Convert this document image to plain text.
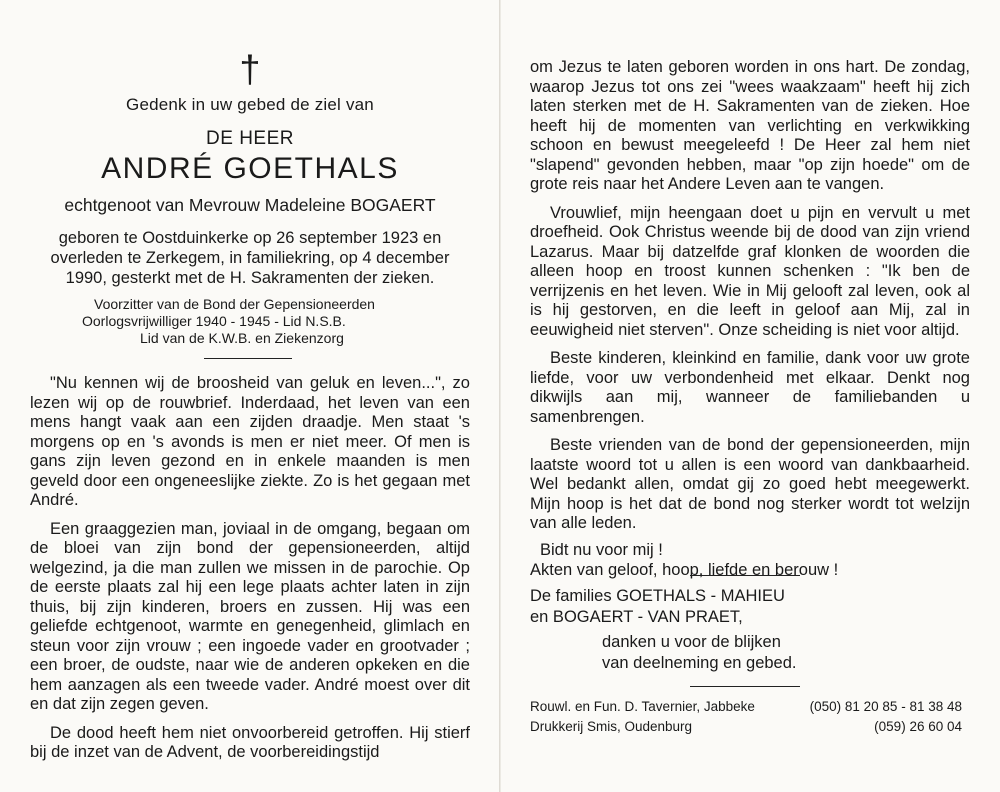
†
Gedenk in uw gebed de ziel van
DE HEER
ANDRÉ GOETHALS
echtgenoot van Mevrouw Madeleine BOGAERT
geboren te Oostduinkerke op 26 september 1923 en overleden te Zerkegem, in familiekring, op 4 december 1990, gesterkt met de H. Sakramenten der zieken.
Voorzitter van de Bond der Gepensioneerden
Oorlogsvrijwilliger 1940 - 1945 - Lid N.S.B.
Lid van de K.W.B. en Ziekenzorg

"Nu kennen wij de broosheid van geluk en leven...", zo lezen wij op de rouwbrief. Inderdaad, het leven van een mens hangt vaak aan een zijden draadje. Men staat 's morgens op en 's avonds is men er niet meer. Of men is gans zijn leven gezond en in enkele maanden is men geveld door een ongeneeslijke ziekte. Zo is het gegaan met André.

Een graaggezien man, joviaal in de omgang, begaan om de bloei van zijn bond der gepensioneerden, altijd welgezind, ja die man zullen we missen in de parochie. Op de eerste plaats zal hij een lege plaats achter laten in zijn thuis, bij zijn kinderen, broers en zussen. Hij was een geliefde echtgenoot, warmte en genegenheid, glimlach en steun voor zijn vrouw ; een ingoede vader en grootvader ; een broer, de oudste, naar wie de anderen opkeken en die hem aanzagen als een tweede vader. André moest over dit en dat zijn zegen geven.

De dood heeft hem niet onvoorbereid getroffen. Hij stierf bij de inzet van de Advent, de voorbereidingstijd

om Jezus te laten geboren worden in ons hart. De zondag, waarop Jezus tot ons zei "wees waakzaam" heeft hij zich laten sterken met de H. Sakramenten van de zieken. Hoe heeft hij de momenten van verlichting en verkwikking schoon en bewust meegeleefd ! De Heer zal hem niet "slapend" gevonden hebben, maar "op zijn hoede" om de grote reis naar het Andere Leven aan te vangen.

Vrouwlief, mijn heengaan doet u pijn en vervult u met droefheid. Ook Christus weende bij de dood van zijn vriend Lazarus. Maar bij datzelfde graf klonken de woorden die alleen hoop en troost kunnen schenken : "Ik ben de verrijzenis en het leven. Wie in Mij gelooft zal leven, ook al is hij gestorven, en die leeft in geloof aan Mij, zal in eeuwigheid niet sterven". Onze scheiding is niet voor altijd.

Beste kinderen, kleinkind en familie, dank voor uw grote liefde, voor uw verbondenheid met elkaar. Denkt nog dikwijls aan mij, wanneer de familiebanden u samenbrengen.

Beste vrienden van de bond der gepensioneerden, mijn laatste woord tot u allen is een woord van dankbaarheid. Wel bedankt allen, omdat gij zo goed hebt meegewerkt. Mijn hoop is het dat de bond nog sterker wordt tot welzijn van alle leden.

Bidt nu voor mij !
Akten van geloof, hoop, liefde en berouw !
De families GOETHALS - MAHIEU
en BOGAERT - VAN PRAET,
danken u voor de blijken
van deelneming en gebed.
Rouwl. en Fun. D. Tavernier, Jabbeke	(050) 81 20 85 - 81 38 48
Drukkerij Smis, Oudenburg	(059) 26 60 04
